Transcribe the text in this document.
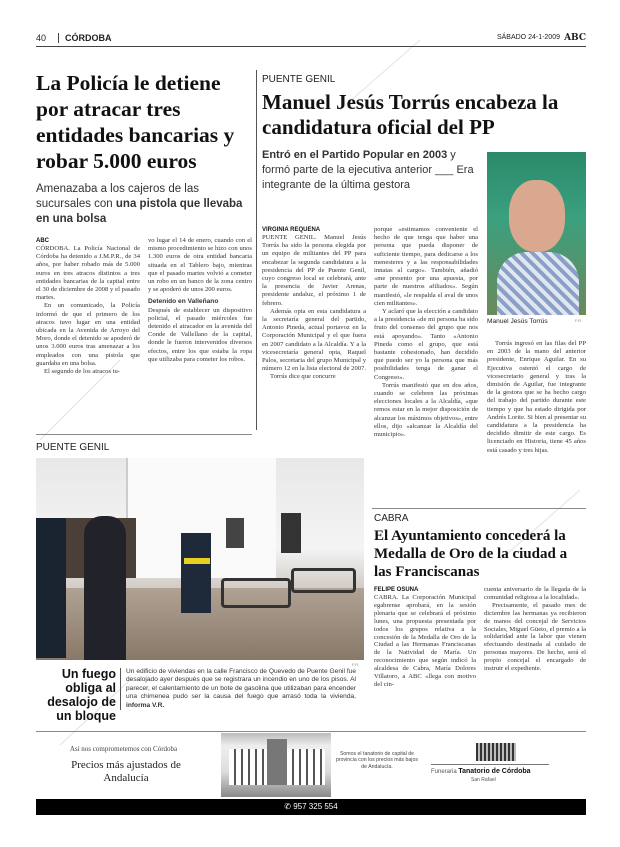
40	CÓRDOBA	SÁBADO 24-1-2009 ABC
La Policía le detiene por atracar tres entidades bancarias y robar 5.000 euros
Amenazaba a los cajeros de las sucursales con una pistola que llevaba en una bolsa
ABC

CÓRDOBA. La Policía Nacional de Córdoba ha detenido a J.M.P.R., de 34 años, por haber robado más de 5.000 euros en tres atracos distintos a tres entidades bancarias de la capital entre el 30 de diciembre de 2008 y el pasado martes.

En un comunicado, la Policía informó de que el primero de los atracos tuvo lugar en una entidad ubicada en la Avenida de Arroyo del Moro, donde el detenido se apoderó de unos 3.000 euros tras amenazar a los empleados con una pistola que guardaba en una bolsa.

El segundo de los atracos tu-

vo lugar el 14 de enero, cuando con el mismo procedimiento se hizo con unos 1.300 euros de otra entidad bancaria situada en el Tablero bajo, mientras que el pasado martes volvió a cometer un robo en un banco de la zona centro y se apoderó de unos 200 euros.

Detenido en Valleñano

Después de establecer un dispositivo policial, el pasado miércoles fue detenido el atracador en la avenida del Conde de Vallellano de la capital, donde le fueron intervenidos diversos efectos, entre los que estaba la ropa que utilizaba para cometer los robos.

PUENTE GENIL
Manuel Jesús Torrús encabeza la candidatura oficial del PP
Entró en el Partido Popular en 2003 y formó parte de la ejecutiva anterior ___ Era integrante de la última gestora
Manuel Jesús Torrús	F.R.
VIRGINIA REQUENA

PUENTE GENIL. Manuel Jesús Torrús ha sido la persona elegida por un equipo de militantes del PP para encabezar la segunda candidatura a la presidencia del PP de Puente Genil, cuyo congreso local se celebrará, ante la presencia de Javier Arenas, presidente andaluz, el próximo 1 de febrero.

Además opta en esta candidatura a la secretaría general del partido, Antonio Pineda, actual portavoz en la Corporación Municipal y el que fuera en 2007 candidato a la Alcaldía. Y a la vicesecretaría general opta, Raquel Palos, secretaria del grupo Municipal y número 12 en la lista electoral de 2007.

Torrús dice que concurre

porque «estimamos conveniente el hecho de que tenga que haber una persona que pueda disponer de suficiente tiempo, para dedicarse a los menesteres y a las responsabilidades innatas al cargo». También, añadió «me presento por una apuesta, por parte de nuestros afiliados». Según manifestó, «le respalda el aval de unos cien militantes».

Y aclaró que la elección a candidato a la presidencia «de mi persona ha sido fruto del consenso del grupo que nos está apoyando». Tanto «Antonio Pineda como el grupo, que está bastante cohesionado, han decidido que puedo ser yo la persona que más posibilidades tenga de ganar el Congreso».

Torrús manifestó que en dos años, cuando se celebren las próximas elecciones locales a la Alcaldía, «que remos estar en la mejor disposición de alcanzar los máximos objetivos», entre ellos, dijo «alcanzar la Alcaldía del municipio».

Torrús ingresó en las filas del PP en 2003 de la mano del anterior presidente, Enrique Aguilar. En su Ejecutiva ostentó el cargo de vicesecretario general y tras la dimisión de Aguilar, fue integrante de la gestora que se ha hecho cargo del trabajo del partido durante este tiempo y que ha estado dirigida por Andrés Lorite. Si bien al presentar su candidatura a la presidencia ha decidido dimitir de este cargo. Es licenciado en Historia, tiene 45 años está casado y tres hijas.

PUENTE GENIL
F.R.
Un fuego obliga al desalojo de un bloque
Un edificio de viviendas en la calle Francisco de Quevedo de Puente Genil fue desalojado ayer después que se registrara un incendio en uno de los pisos. Al parecer, el calentamiento de un bote de gasolina que utilizaban para encender una chimenea pudo ser la causa del fuego que arrasó toda la vivienda, informa V.R.
CABRA
El Ayuntamiento concederá la Medalla de Oro de la ciudad a las Franciscanas
FELIPE OSUNA

CABRA. La Corporación Municipal egabrense aprobará, en la sesión plenaria que se celebrará el próximo lunes, una propuesta presentada por todos los grupos relativa a la concesión de la Medalla de Oro de la Ciudad a las Hermanas Franciscanas de la Natividad de María. Un reconocimiento que según indicó la alcaldesa de Cabra, María Dolores Villatoro, a ABC «llega con motivo del cin-

cuenta aniversario de la llegada de la comunidad religiosa a la localidad».

Precisamente, el pasado mes de diciembre las hermanas ya recibieron de manos del concejal de Servicios Sociales, Miguel Güeto, el premio a la solidaridad ante la labor que vienen efectuando destinada al cuidado de personas mayores. De hecho, será el propio concejal el encargado de instruir el expediente.

Así nos comprometemos con Córdoba
Precios más ajustados de Andalucía
Somos el tanatorio de capital de provincia con los precios más bajos de Andalucía.
Funeraria Tanatorio de Córdoba
San Rafael
✆ 957 325 554
